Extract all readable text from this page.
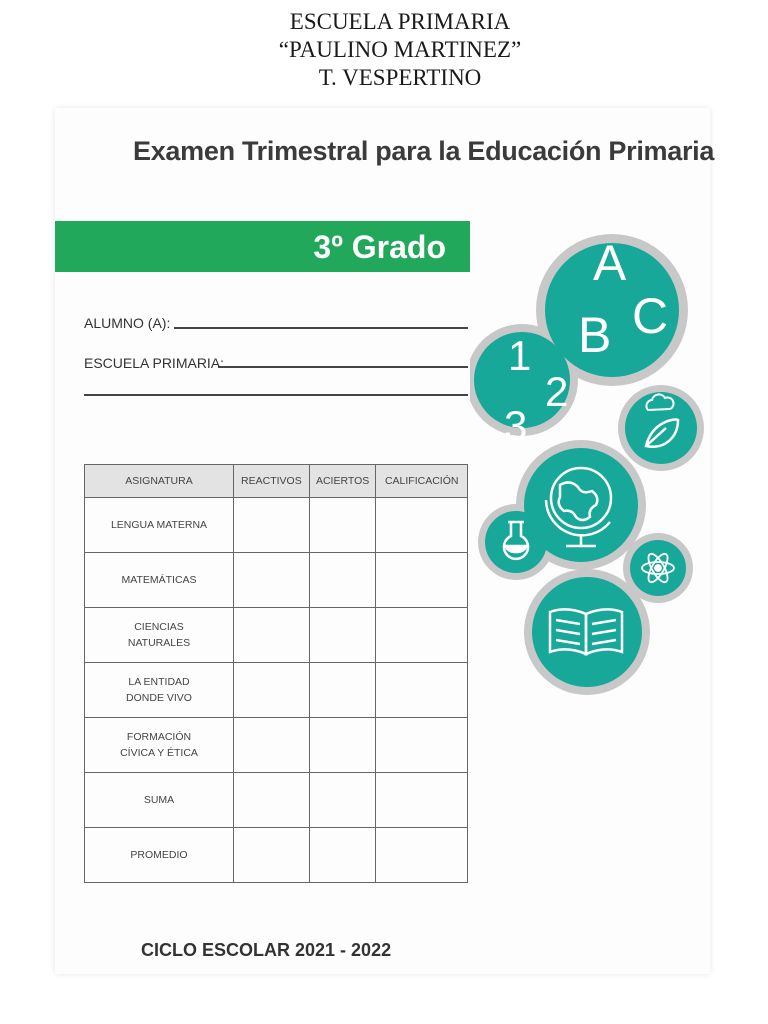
ESCUELA PRIMARIA
“PAULINO MARTINEZ”
T. VESPERTINO
Examen Trimestral para la Educación Primaria
3º Grado
ALUMNO (A):
ESCUELA PRIMARIA:
ASIGNATURA	REACTIVOS	ACIERTOS	CALIFICACIÓN
LENGUA MATERNA			
MATEMÁTICAS			
CIENCIAS
NATURALES			
LA ENTIDAD
DONDE VIVO			
FORMACIÓN
CÍVICA Y ÉTICA			
SUMA			
PROMEDIO			
CICLO ESCOLAR 2021 - 2022
A
B C
1
2
3
